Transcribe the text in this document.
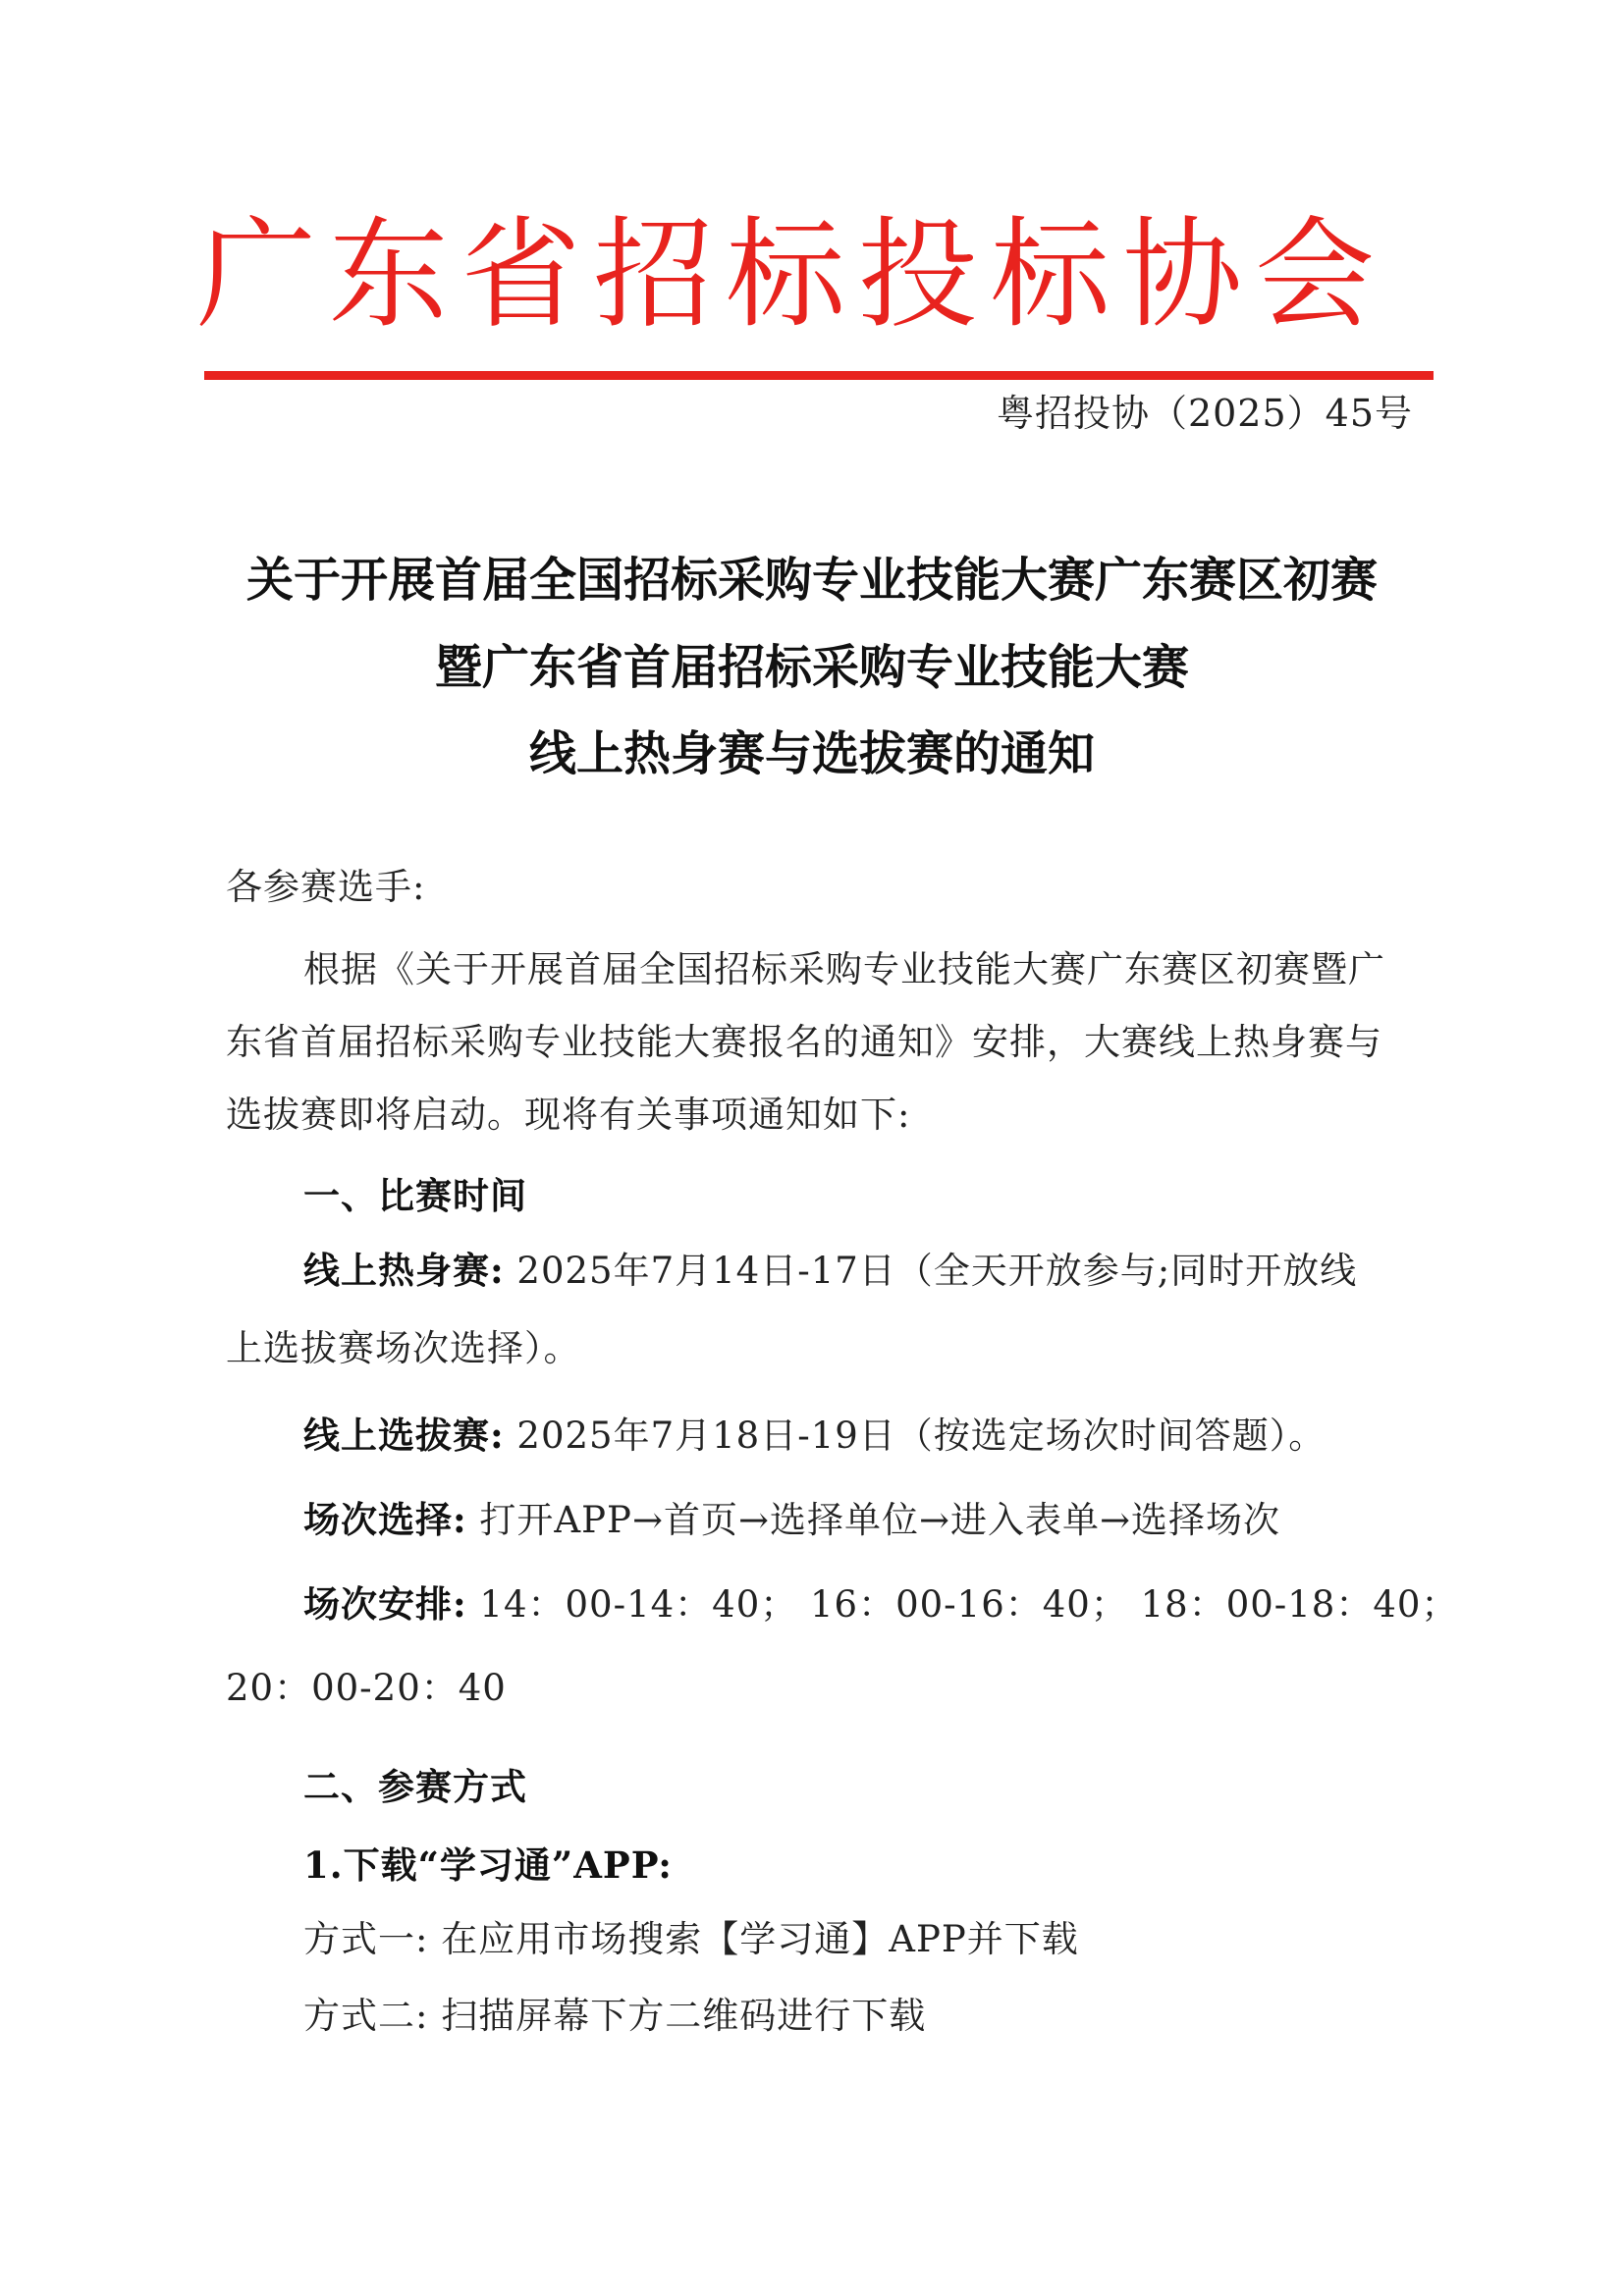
广 东 省 招 标 投 标 协 会
粤招投协（2025）45号
关于开展首届全国招标采购专业技能大赛广东赛区初赛
暨广东省首届招标采购专业技能大赛
线上热身赛与选拔赛的通知
各参赛选手:
根据《关于开展首届全国招标采购专业技能大赛广东赛区初赛暨广
东省首届招标采购专业技能大赛报名的通知》安排，大赛线上热身赛与
选拔赛即将启动。现将有关事项通知如下:
一、比赛时间
线上热身赛: 2025年7月14日-17日（全天开放参与;同时开放线
上选拔赛场次选择）。
线上选拔赛: 2025年7月18日-19日（按选定场次时间答题）。
场次选择: 打开APP→首页→选择单位→进入表单→选择场次
场次安排: 14：00-14：40； 16：00-16：40； 18：00-18：40；
20：00-20：40
二、参赛方式
1.下载“学习通”APP:
方式一: 在应用市场搜索【学习通】APP并下载
方式二: 扫描屏幕下方二维码进行下载
